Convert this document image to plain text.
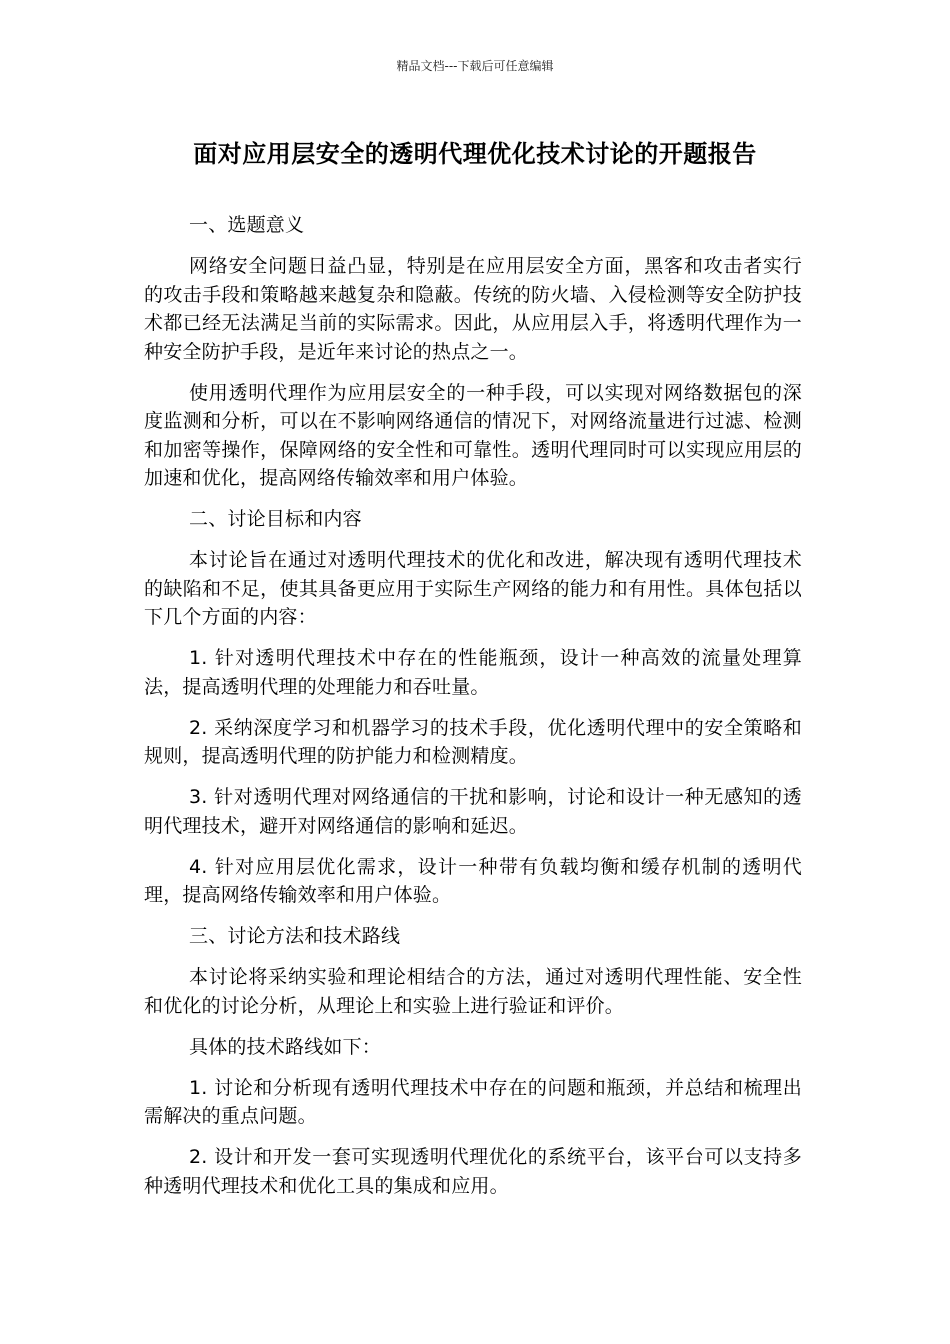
精品文档---下载后可任意编辑
面对应用层安全的透明代理优化技术讨论的开题报告

一、选题意义

网络安全问题日益凸显，特别是在应用层安全方面，黑客和攻击者实行的攻击手段和策略越来越复杂和隐蔽。传统的防火墙、入侵检测等安全防护技术都已经无法满足当前的实际需求。因此，从应用层入手，将透明代理作为一种安全防护手段，是近年来讨论的热点之一。

使用透明代理作为应用层安全的一种手段，可以实现对网络数据包的深度监测和分析，可以在不影响网络通信的情况下，对网络流量进行过滤、检测和加密等操作，保障网络的安全性和可靠性。透明代理同时可以实现应用层的加速和优化，提高网络传输效率和用户体验。

二、讨论目标和内容

本讨论旨在通过对透明代理技术的优化和改进，解决现有透明代理技术的缺陷和不足，使其具备更应用于实际生产网络的能力和有用性。具体包括以下几个方面的内容：

1. 针对透明代理技术中存在的性能瓶颈，设计一种高效的流量处理算法，提高透明代理的处理能力和吞吐量。

2. 采纳深度学习和机器学习的技术手段，优化透明代理中的安全策略和规则，提高透明代理的防护能力和检测精度。

3. 针对透明代理对网络通信的干扰和影响，讨论和设计一种无感知的透明代理技术，避开对网络通信的影响和延迟。

4. 针对应用层优化需求，设计一种带有负载均衡和缓存机制的透明代理，提高网络传输效率和用户体验。

三、讨论方法和技术路线

本讨论将采纳实验和理论相结合的方法，通过对透明代理性能、安全性和优化的讨论分析，从理论上和实验上进行验证和评价。

具体的技术路线如下：

1. 讨论和分析现有透明代理技术中存在的问题和瓶颈，并总结和梳理出需解决的重点问题。

2. 设计和开发一套可实现透明代理优化的系统平台，该平台可以支持多种透明代理技术和优化工具的集成和应用。
